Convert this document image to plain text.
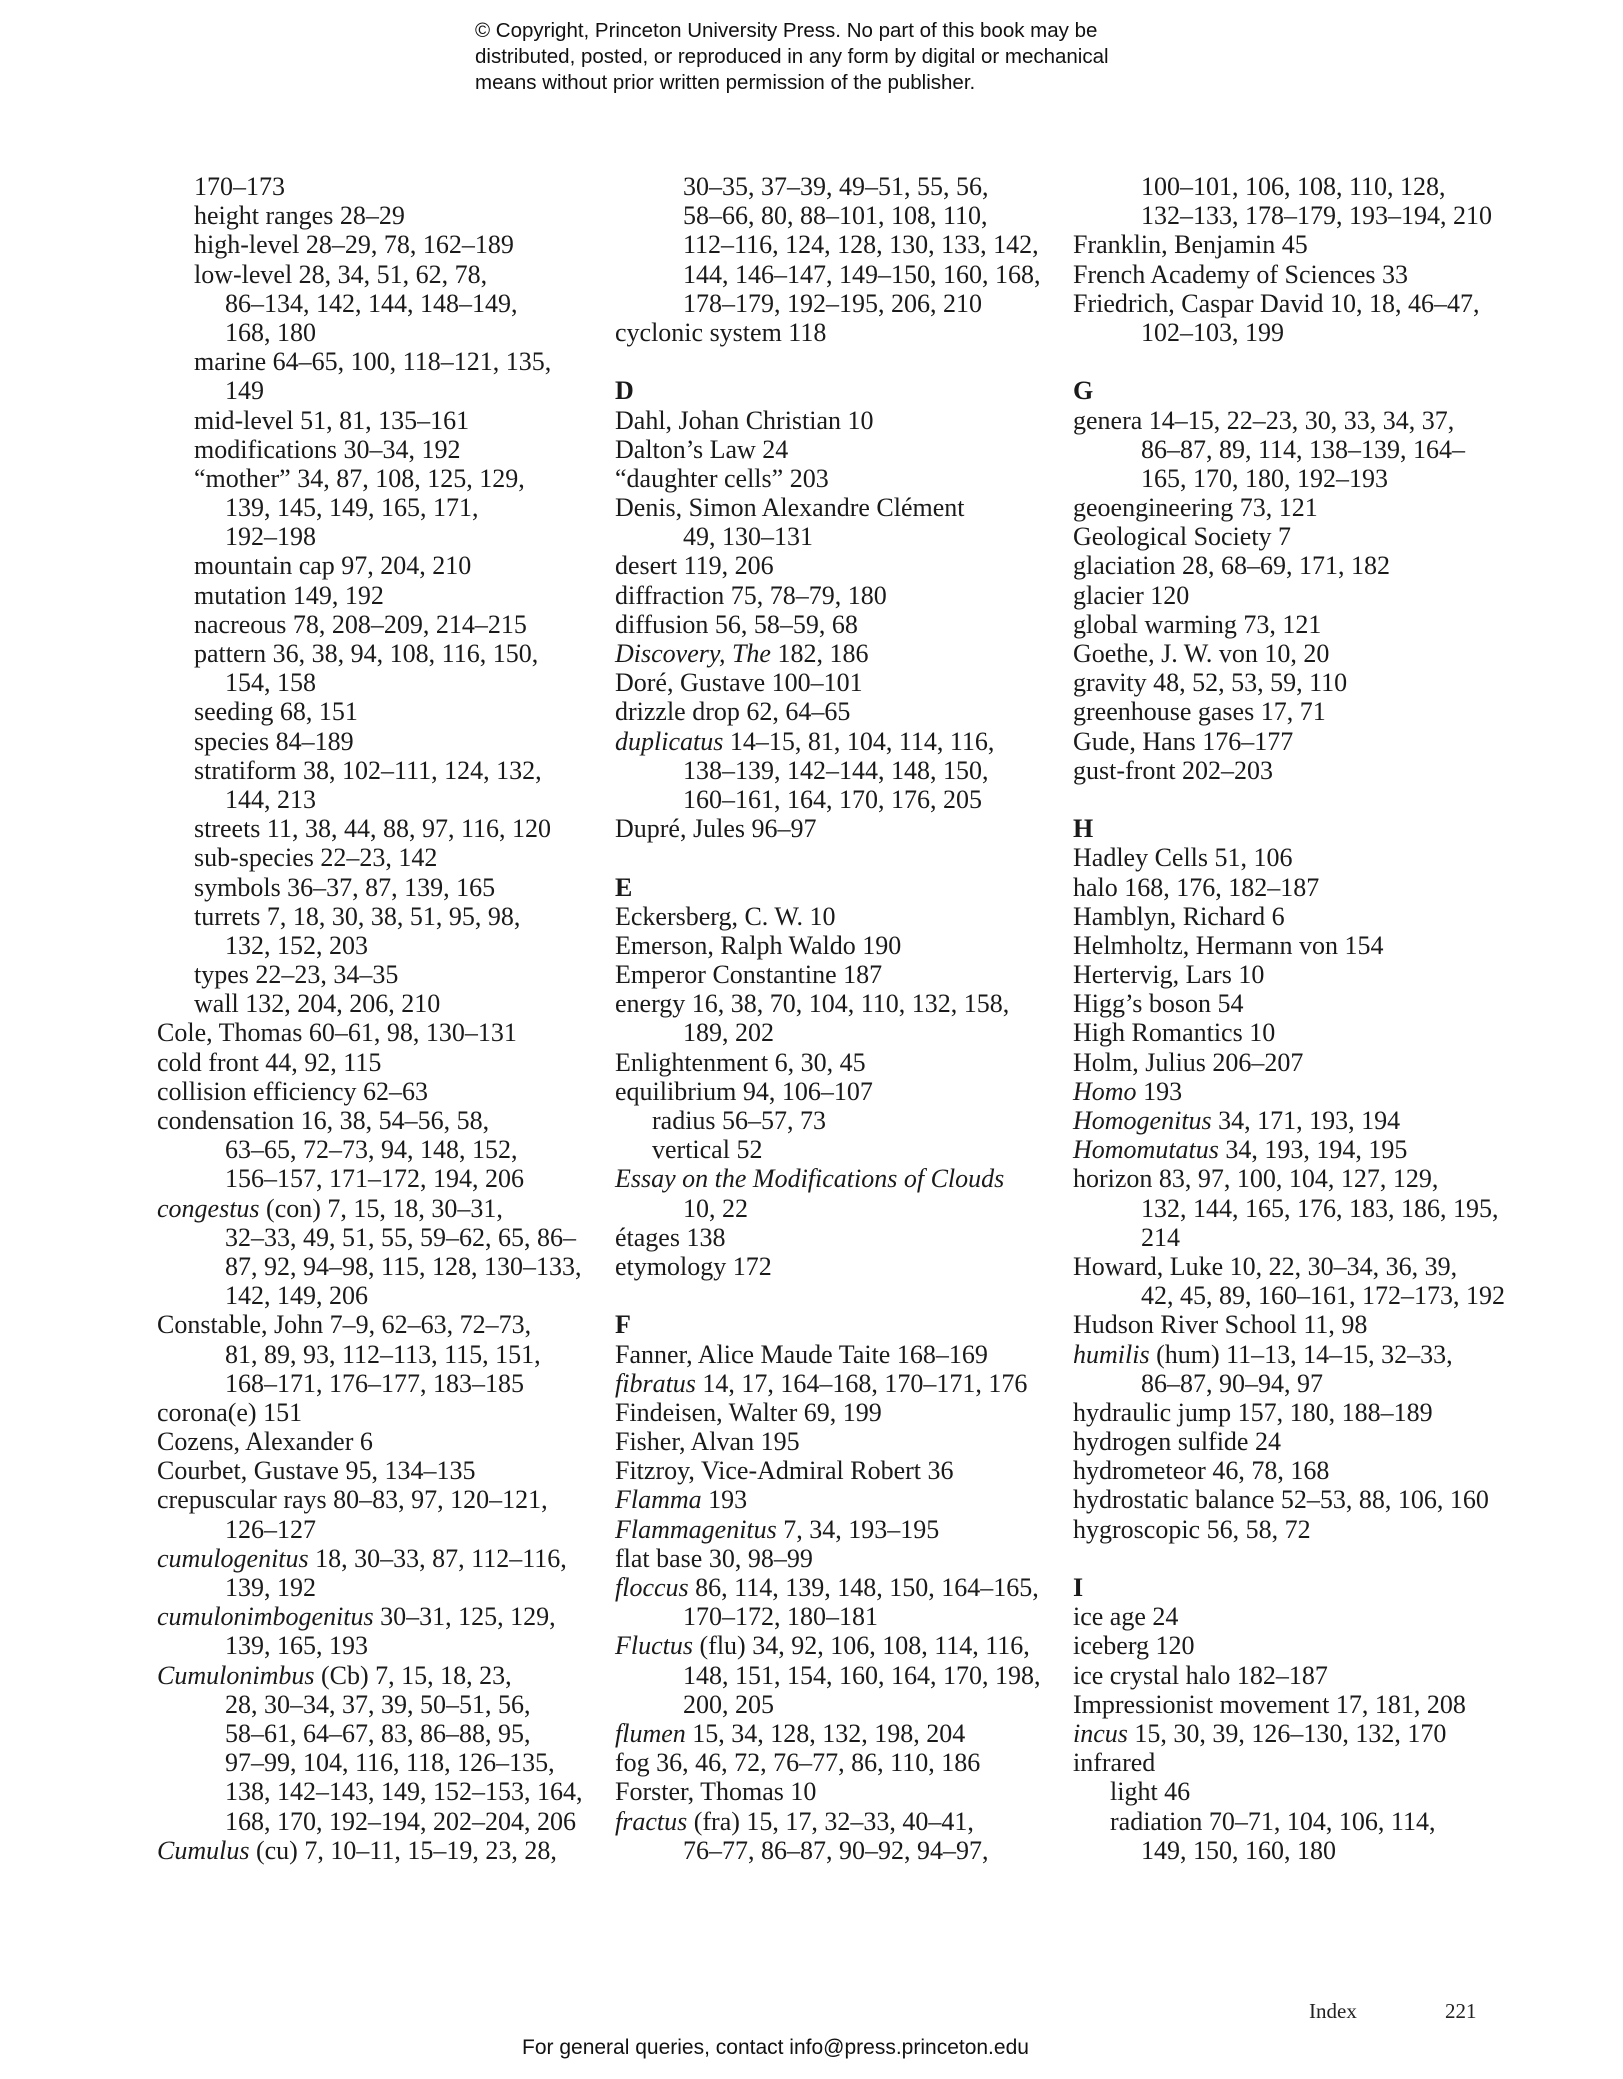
© Copyright, Princeton University Press. No part of this book may be
distributed, posted, or reproduced in any form by digital or mechanical
means without prior written permission of the publisher.
170–173
height ranges 28–29
high-level 28–29, 78, 162–189
low-level 28, 34, 51, 62, 78,
86–134, 142, 144, 148–149,
168, 180
marine 64–65, 100, 118–121, 135,
149
mid-level 51, 81, 135–161
modifications 30–34, 192
“mother” 34, 87, 108, 125, 129,
139, 145, 149, 165, 171,
192–198
mountain cap 97, 204, 210
mutation 149, 192
nacreous 78, 208–209, 214–215
pattern 36, 38, 94, 108, 116, 150,
154, 158
seeding 68, 151
species 84–189
stratiform 38, 102–111, 124, 132,
144, 213
streets 11, 38, 44, 88, 97, 116, 120
sub-species 22–23, 142
symbols 36–37, 87, 139, 165
turrets 7, 18, 30, 38, 51, 95, 98,
132, 152, 203
types 22–23, 34–35
wall 132, 204, 206, 210
Cole, Thomas 60–61, 98, 130–131
cold front 44, 92, 115
collision efficiency 62–63
condensation 16, 38, 54–56, 58,
63–65, 72–73, 94, 148, 152,
156–157, 171–172, 194, 206
congestus (con) 7, 15, 18, 30–31,
32–33, 49, 51, 55, 59–62, 65, 86–
87, 92, 94–98, 115, 128, 130–133,
142, 149, 206
Constable, John 7–9, 62–63, 72–73,
81, 89, 93, 112–113, 115, 151,
168–171, 176–177, 183–185
corona(e) 151
Cozens, Alexander 6
Courbet, Gustave 95, 134–135
crepuscular rays 80–83, 97, 120–121,
126–127
cumulogenitus 18, 30–33, 87, 112–116,
139, 192
cumulonimbogenitus 30–31, 125, 129,
139, 165, 193
Cumulonimbus (Cb) 7, 15, 18, 23,
28, 30–34, 37, 39, 50–51, 56,
58–61, 64–67, 83, 86–88, 95,
97–99, 104, 116, 118, 126–135,
138, 142–143, 149, 152–153, 164,
168, 170, 192–194, 202–204, 206
Cumulus (cu) 7, 10–11, 15–19, 23, 28,
30–35, 37–39, 49–51, 55, 56,
58–66, 80, 88–101, 108, 110,
112–116, 124, 128, 130, 133, 142,
144, 146–147, 149–150, 160, 168,
178–179, 192–195, 206, 210
cyclonic system 118
D
Dahl, Johan Christian 10
Dalton’s Law 24
“daughter cells” 203
Denis, Simon Alexandre Clément
49, 130–131
desert 119, 206
diffraction 75, 78–79, 180
diffusion 56, 58–59, 68
Discovery, The 182, 186
Doré, Gustave 100–101
drizzle drop 62, 64–65
duplicatus 14–15, 81, 104, 114, 116,
138–139, 142–144, 148, 150,
160–161, 164, 170, 176, 205
Dupré, Jules 96–97
E
Eckersberg, C. W. 10
Emerson, Ralph Waldo 190
Emperor Constantine 187
energy 16, 38, 70, 104, 110, 132, 158,
189, 202
Enlightenment 6, 30, 45
equilibrium 94, 106–107
radius 56–57, 73
vertical 52
Essay on the Modifications of Clouds
10, 22
étages 138
etymology 172
F
Fanner, Alice Maude Taite 168–169
fibratus 14, 17, 164–168, 170–171, 176
Findeisen, Walter 69, 199
Fisher, Alvan 195
Fitzroy, Vice-Admiral Robert 36
Flamma 193
Flammagenitus 7, 34, 193–195
flat base 30, 98–99
floccus 86, 114, 139, 148, 150, 164–165,
170–172, 180–181
Fluctus (flu) 34, 92, 106, 108, 114, 116,
148, 151, 154, 160, 164, 170, 198,
200, 205
flumen 15, 34, 128, 132, 198, 204
fog 36, 46, 72, 76–77, 86, 110, 186
Forster, Thomas 10
fractus (fra) 15, 17, 32–33, 40–41,
76–77, 86–87, 90–92, 94–97,
100–101, 106, 108, 110, 128,
132–133, 178–179, 193–194, 210
Franklin, Benjamin 45
French Academy of Sciences 33
Friedrich, Caspar David 10, 18, 46–47,
102–103, 199
G
genera 14–15, 22–23, 30, 33, 34, 37,
86–87, 89, 114, 138–139, 164–
165, 170, 180, 192–193
geoengineering 73, 121
Geological Society 7
glaciation 28, 68–69, 171, 182
glacier 120
global warming 73, 121
Goethe, J. W. von 10, 20
gravity 48, 52, 53, 59, 110
greenhouse gases 17, 71
Gude, Hans 176–177
gust-front 202–203
H
Hadley Cells 51, 106
halo 168, 176, 182–187
Hamblyn, Richard 6
Helmholtz, Hermann von 154
Hertervig, Lars 10
Higg’s boson 54
High Romantics 10
Holm, Julius 206–207
Homo 193
Homogenitus 34, 171, 193, 194
Homomutatus 34, 193, 194, 195
horizon 83, 97, 100, 104, 127, 129,
132, 144, 165, 176, 183, 186, 195,
214
Howard, Luke 10, 22, 30–34, 36, 39,
42, 45, 89, 160–161, 172–173, 192
Hudson River School 11, 98
humilis (hum) 11–13, 14–15, 32–33,
86–87, 90–94, 97
hydraulic jump 157, 180, 188–189
hydrogen sulfide 24
hydrometeor 46, 78, 168
hydrostatic balance 52–53, 88, 106, 160
hygroscopic 56, 58, 72
I
ice age 24
iceberg 120
ice crystal halo 182–187
Impressionist movement 17, 181, 208
incus 15, 30, 39, 126–130, 132, 170
infrared
light 46
radiation 70–71, 104, 106, 114,
149, 150, 160, 180
Index	221
For general queries, contact info@press.princeton.edu
